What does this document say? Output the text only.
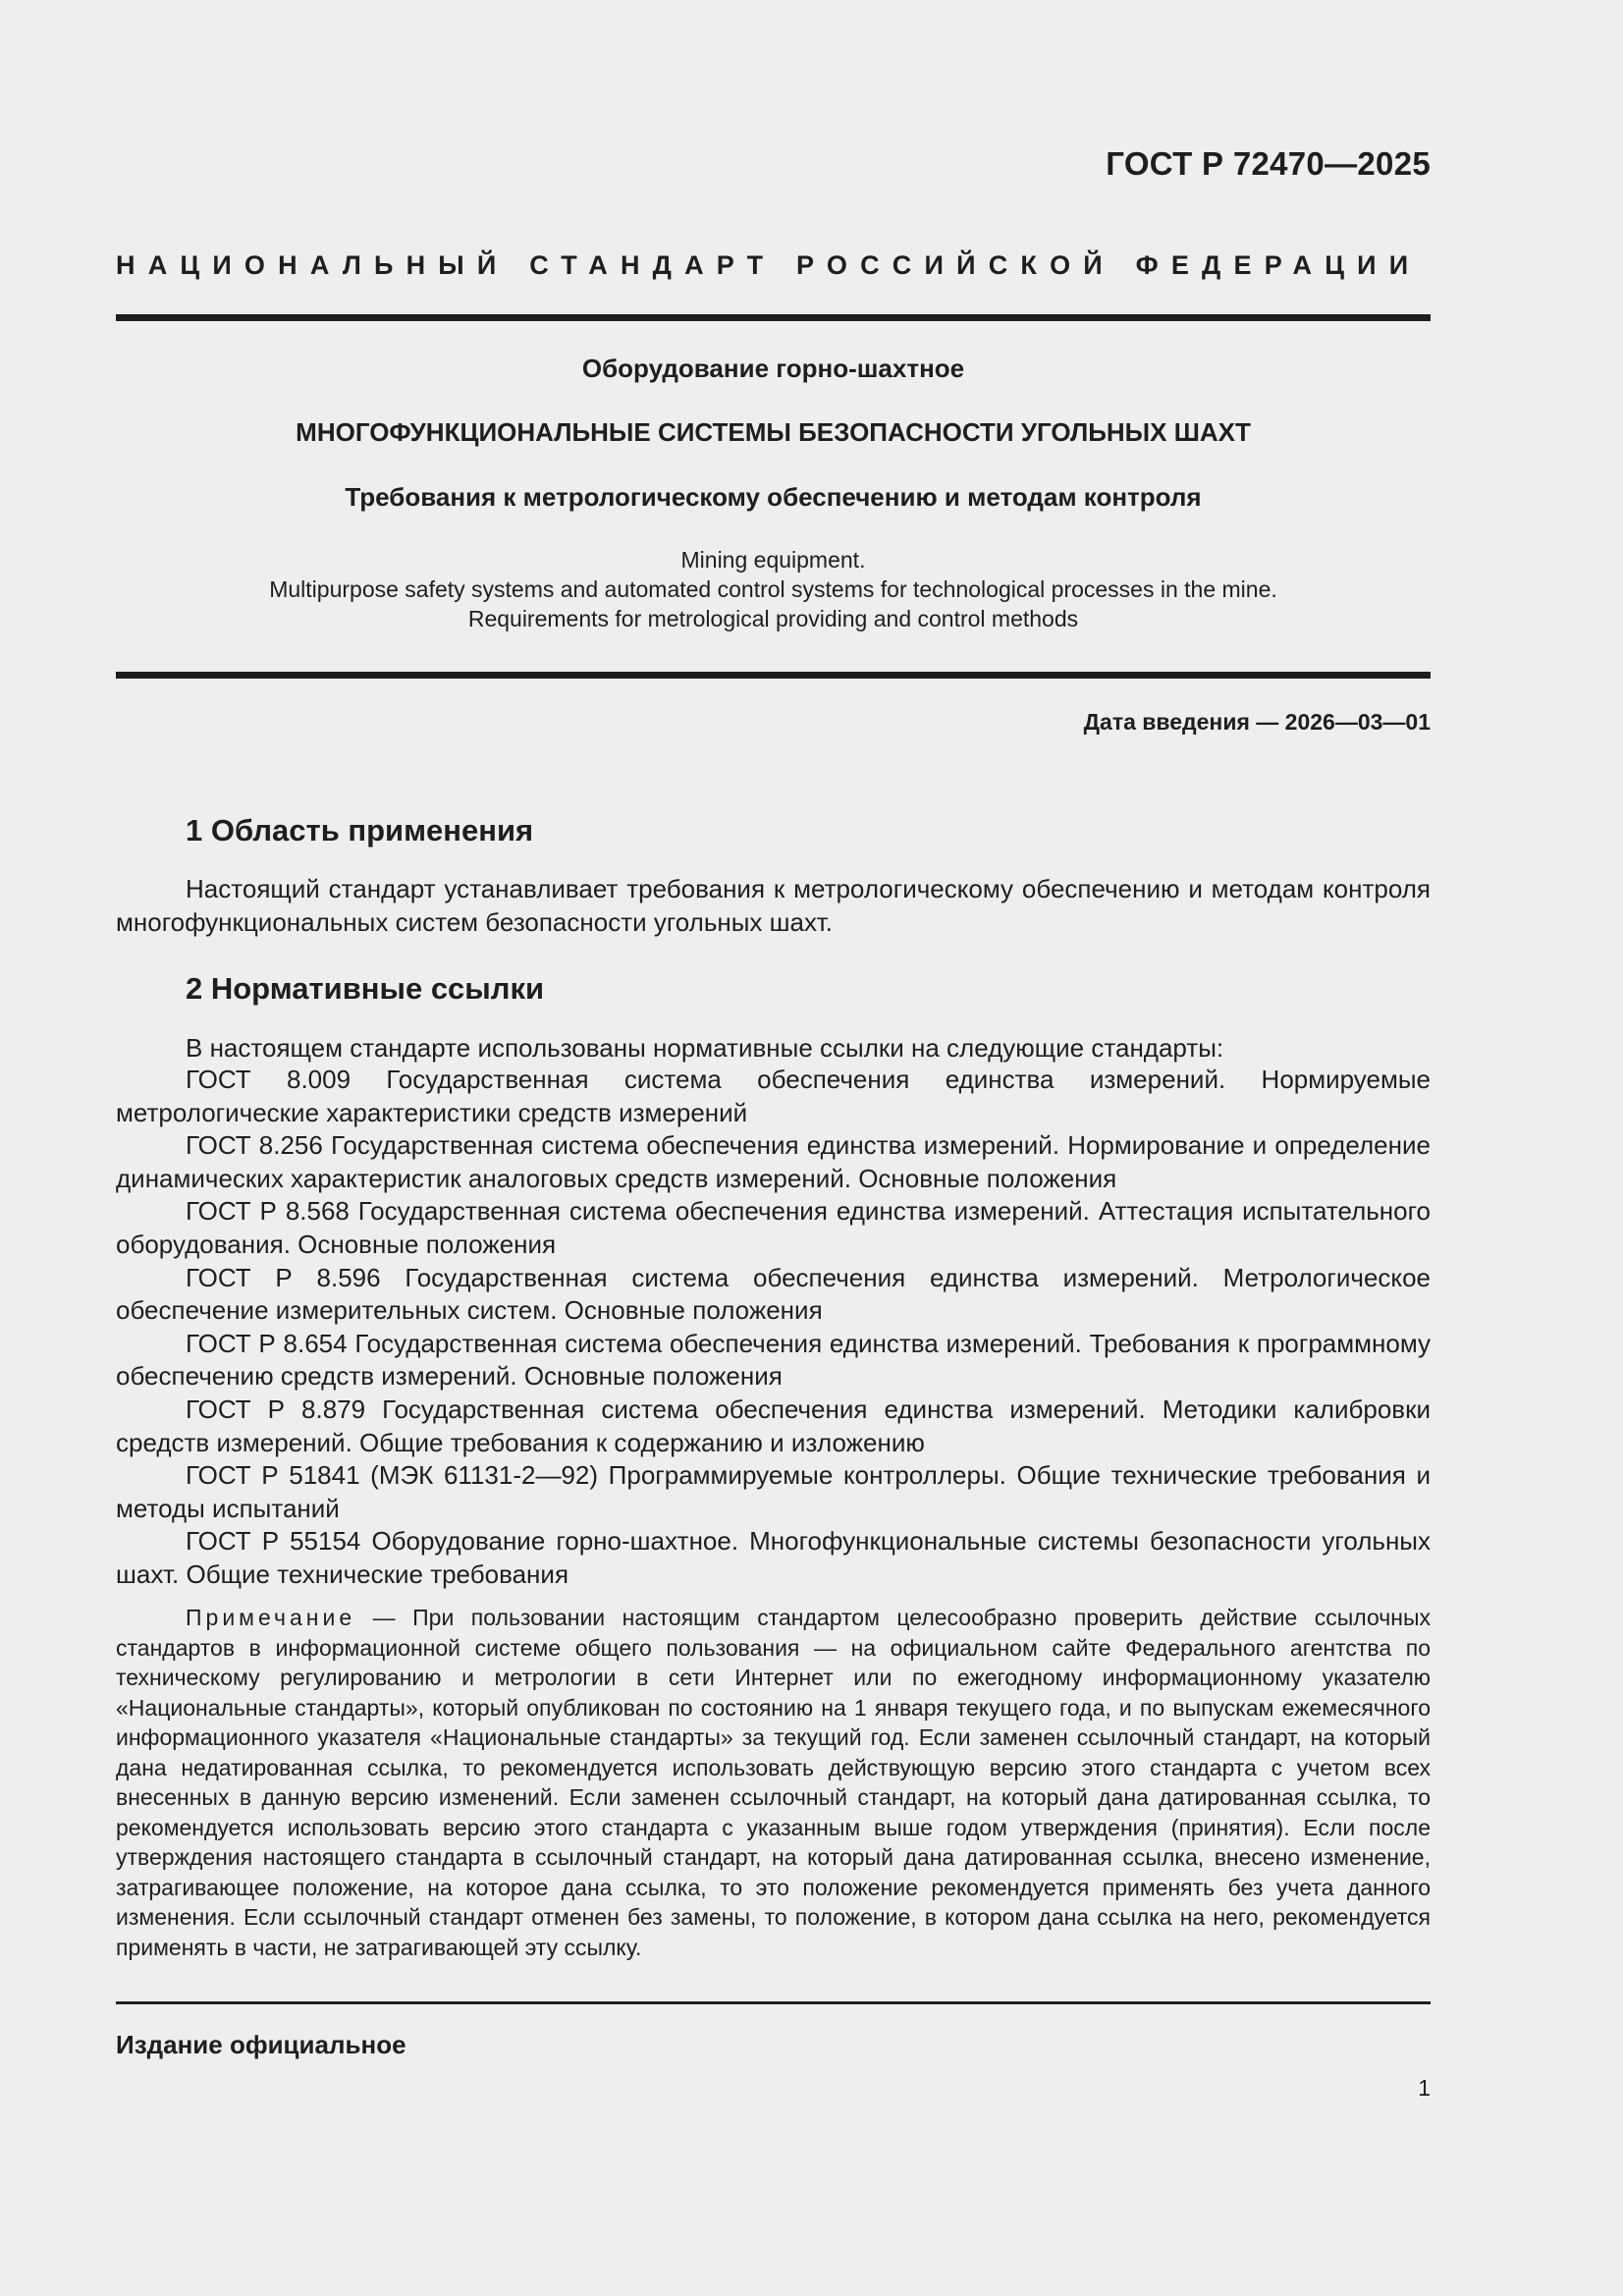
ГОСТ Р 72470—2025
НАЦИОНАЛЬНЫЙ СТАНДАРТ РОССИЙСКОЙ ФЕДЕРАЦИИ
Оборудование горно-шахтное
МНОГОФУНКЦИОНАЛЬНЫЕ СИСТЕМЫ БЕЗОПАСНОСТИ УГОЛЬНЫХ ШАХТ
Требования к метрологическому обеспечению и методам контроля
Mining equipment.
Multipurpose safety systems and automated control systems for technological processes in the mine.
Requirements for metrological providing and control methods
Дата введения — 2026—03—01
1 Область применения

Настоящий стандарт устанавливает требования к метрологическому обеспечению и методам контроля многофункциональных систем безопасности угольных шахт.

2 Нормативные ссылки

В настоящем стандарте использованы нормативные ссылки на следующие стандарты:

ГОСТ 8.009 Государственная система обеспечения единства измерений. Нормируемые метрологические характеристики средств измерений
ГОСТ 8.256 Государственная система обеспечения единства измерений. Нормирование и определение динамических характеристик аналоговых средств измерений. Основные положения
ГОСТ Р 8.568 Государственная система обеспечения единства измерений. Аттестация испытательного оборудования. Основные положения
ГОСТ Р 8.596 Государственная система обеспечения единства измерений. Метрологическое обеспечение измерительных систем. Основные положения
ГОСТ Р 8.654 Государственная система обеспечения единства измерений. Требования к программному обеспечению средств измерений. Основные положения
ГОСТ Р 8.879 Государственная система обеспечения единства измерений. Методики калибровки средств измерений. Общие требования к содержанию и изложению
ГОСТ Р 51841 (МЭК 61131-2—92) Программируемые контроллеры. Общие технические требования и методы испытаний
ГОСТ Р 55154 Оборудование горно-шахтное. Многофункциональные системы безопасности угольных шахт. Общие технические требования

Примечание — При пользовании настоящим стандартом целесообразно проверить действие ссылочных стандартов в информационной системе общего пользования — на официальном сайте Федерального агентства по техническому регулированию и метрологии в сети Интернет или по ежегодному информационному указателю «Национальные стандарты», который опубликован по состоянию на 1 января текущего года, и по выпускам ежемесячного информационного указателя «Национальные стандарты» за текущий год. Если заменен ссылочный стандарт, на который дана недатированная ссылка, то рекомендуется использовать действующую версию этого стандарта с учетом всех внесенных в данную версию изменений. Если заменен ссылочный стандарт, на который дана датированная ссылка, то рекомендуется использовать версию этого стандарта с указанным выше годом утверждения (принятия). Если после утверждения настоящего стандарта в ссылочный стандарт, на который дана датированная ссылка, внесено изменение, затрагивающее положение, на которое дана ссылка, то это положение рекомендуется применять без учета данного изменения. Если ссылочный стандарт отменен без замены, то положение, в котором дана ссылка на него, рекомендуется применять в части, не затрагивающей эту ссылку.

Издание официальное
1
